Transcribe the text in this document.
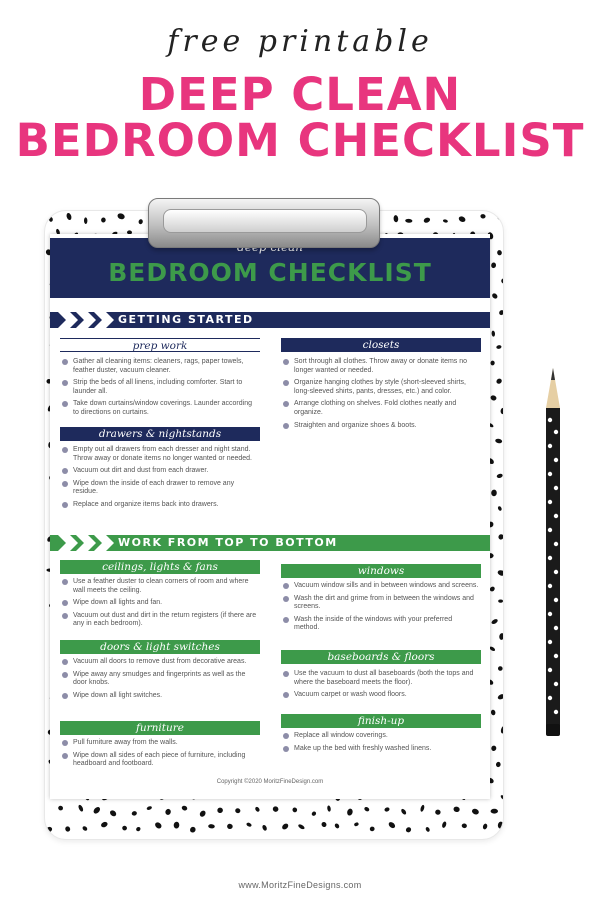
free printable
DEEP CLEAN
BEDROOM CHECKLIST
BEDROOM CHECKLIST
GETTING STARTED
prep work
Gather all cleaning items: cleaners, rags, paper towels, feather duster, vacuum cleaner.
Strip the beds of all linens, including comforter. Start to launder all.
Take down curtains/window coverings. Launder according to directions on curtains.
drawers & nightstands
Empty out all drawers from each dresser and night stand. Throw away or donate items no longer wanted or needed.
Vacuum out dirt and dust from each drawer.
Wipe down the inside of each drawer to remove any residue.
Replace and organize items back into drawers.
closets
Sort through all clothes. Throw away or donate items no longer wanted or needed.
Organize hanging clothes by style (short-sleeved shirts, long-sleeved shirts, pants, dresses, etc.) and color.
Arrange clothing on shelves. Fold clothes neatly and organize.
Straighten and organize shoes & boots.
WORK FROM TOP TO BOTTOM
ceilings, lights & fans
Use a feather duster to clean corners of room and where wall meets the ceiling.
Wipe down all lights and fan.
Vacuum out dust and dirt in the return registers (if there are any in each bedroom).
doors & light switches
Vacuum all doors to remove dust from decorative areas.
Wipe away any smudges and fingerprints as well as the door knobs.
Wipe down all light switches.
furniture
Pull furniture away from the walls.
Wipe down all sides of each piece of furniture, including headboard and footboard.
windows
Vacuum window sills and in between windows and screens.
Wash the dirt and grime from in between the windows and screens.
Wash the inside of the windows with your preferred method.
baseboards & floors
Use the vacuum to dust all baseboards (both the tops and where the baseboard meets the floor).
Vacuum carpet or wash wood floors.
finish-up
Replace all window coverings.
Make up the bed with freshly washed linens.
Copyright ©2020 MoritzFineDesign.com
www.MoritzFineDesigns.com
